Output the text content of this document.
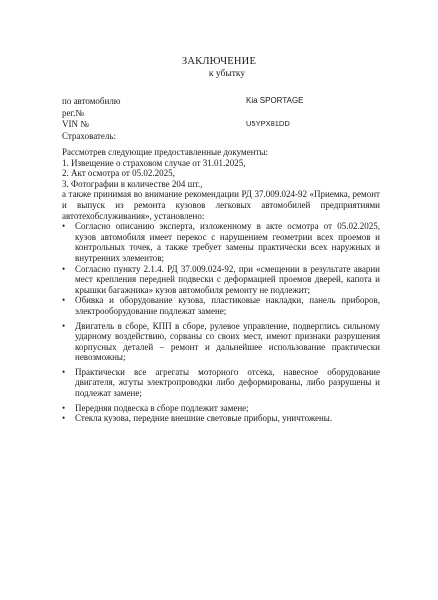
ЗАКЛЮЧЕНИЕ
к убытку
по автомобилю	Kia SPORTAGE
рег.№
VIN №	U5YPX81DD
Страхователь:

Рассмотрев следующие предоставленные документы:

1. Извещение о страховом случае от 31.01.2025,

2. Акт осмотра от 05.02.2025,

3. Фотографии в количестве 204 шт.,

а также принимая во внимание рекомендации РД 37.009.024-92 «Приемка, ремонт и выпуск из ремонта кузовов легковых автомобилей предприятиями автотехобслуживания», установлено:

• Согласно описанию эксперта, изложенному в акте осмотра от 05.02.2025, кузов автомобиля имеет перекос с нарушением геометрии всех проемов и контрольных точек, а также требует замены практически всех наружных и внутренних элементов;
• Согласно пункту 2.1.4. РД 37.009.024-92, при «смещении в результате аварии мест крепления передней подвески с деформацией проемов дверей, капота и крышки багажника» кузов автомобиля ремонту не подлежит;
• Обивка и оборудование кузова, пластиковые накладки, панель приборов, электрооборудование подлежат замене;
• Двигатель в сборе, КПП в сборе, рулевое управление, подверглись сильному ударному воздействию, сорваны со своих мест, имеют признаки разрушения корпусных деталей – ремонт и дальнейшее использование практически невозможны;
• Практически все агрегаты моторного отсека, навесное оборудование двигателя, жгуты электропроводки либо деформированы, либо разрушены и подлежат замене;
• Передняя подвеска в сборе подлежит замене;
• Стекла кузова, передние внешние световые приборы, уничтожены.
